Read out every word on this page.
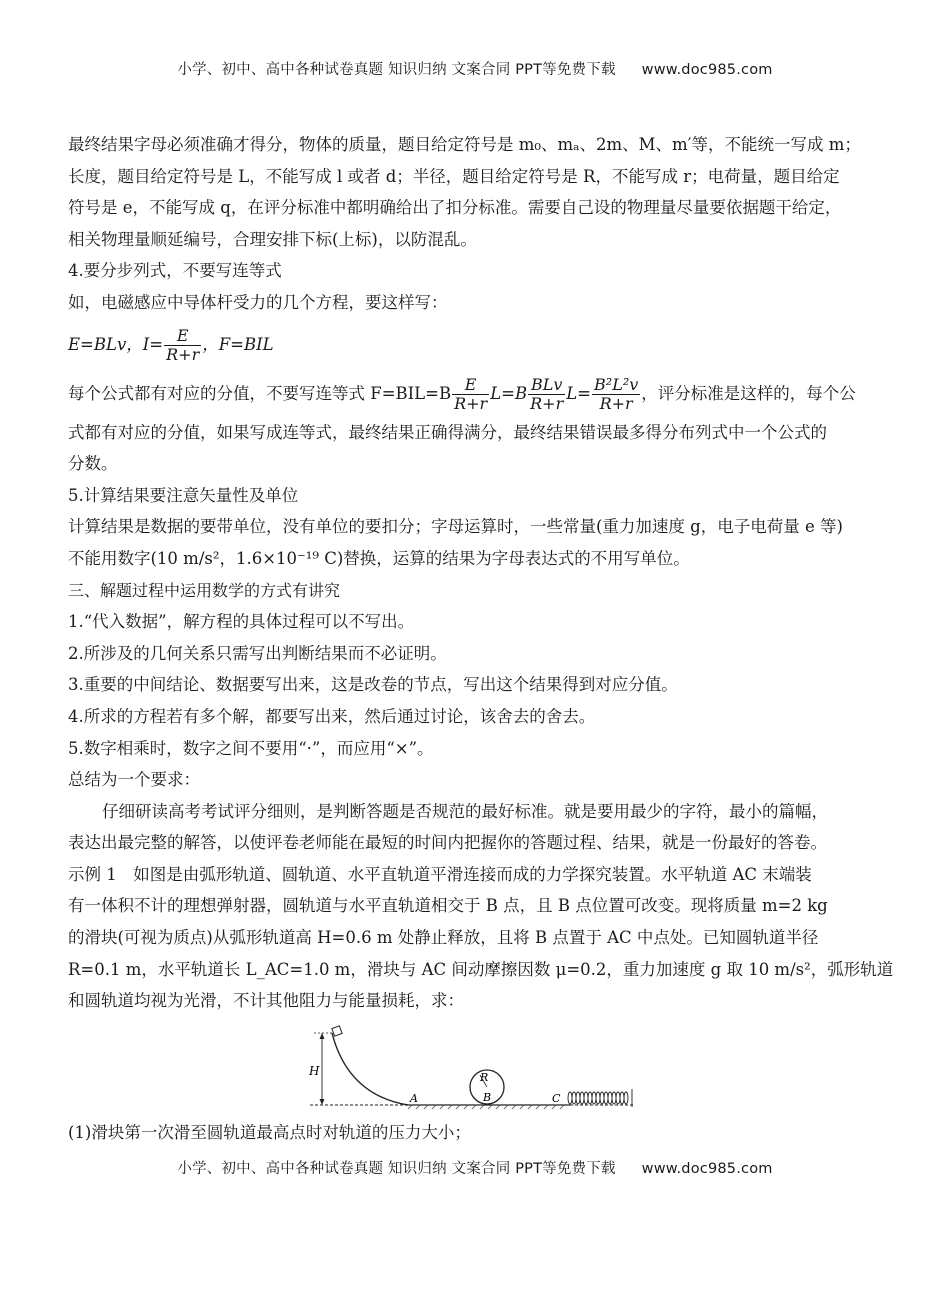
小学、初中、高中各种试卷真题 知识归纳 文案合同 PPT等免费下载 www.doc985.com
最终结果字母必须准确才得分，物体的质量，题目给定符号是 m₀、mₐ、2m、M、m′等，不能统一写成 m；
长度，题目给定符号是 L，不能写成 l 或者 d；半径，题目给定符号是 R，不能写成 r；电荷量，题目给定
符号是 e，不能写成 q，在评分标准中都明确给出了扣分标准。需要自己设的物理量尽量要依据题干给定，
相关物理量顺延编号，合理安排下标(上标)，以防混乱。
4.要分步列式，不要写连等式
如，电磁感应中导体杆受力的几个方程，要这样写：
E=BLv，$I= \frac{E}{R+r}$ ，F=BIL
每个公式都有对应的分值，不要写连等式 $F=BIL=B \frac{E}{R+r} L=B \frac{\text{BLv}}{R+r} L= \frac{\text{B²L²v}}{R+r}$ ，评分标准是这样的，每个公
式都有对应的分值，如果写成连等式，最终结果正确得满分，最终结果错误最多得分布列式中一个公式的
分数。
5.计算结果要注意矢量性及单位
计算结果是数据的要带单位，没有单位的要扣分；字母运算时，一些常量(重力加速度 g，电子电荷量 e 等)
不能用数字(10 m/s²，1.6×10⁻¹⁹ C)替换，运算的结果为字母表达式的不用写单位。
三、解题过程中运用数学的方式有讲究
1.“代入数据”，解方程的具体过程可以不写出。
2.所涉及的几何关系只需写出判断结果而不必证明。
3.重要的中间结论、数据要写出来，这是改卷的节点，写出这个结果得到对应分值。
4.所求的方程若有多个解，都要写出来，然后通过讨论，该舍去的舍去。
5.数字相乘时，数字之间不要用“·”，而应用“×”。
总结为一个要求：
仔细研读高考考试评分细则，是判断答题是否规范的最好标准。就是要用最少的字符，最小的篇幅，
表达出最完整的解答，以使评卷老师能在最短的时间内把握你的答题过程、结果，就是一份最好的答卷。
示例 1　如图是由弧形轨道、圆轨道、水平直轨道平滑连接而成的力学探究装置。水平轨道 AC 末端装
有一体积不计的理想弹射器，圆轨道与水平直轨道相交于 B 点，且 B 点位置可改变。现将质量 m=2 kg
的滑块(可视为质点)从弧形轨道高 H=0.6 m 处静止释放，且将 B 点置于 AC 中点处。已知圆轨道半径
R=0.1 m，水平轨道长 L_AC=1.0 m，滑块与 AC 间动摩擦因数 μ=0.2，重力加速度 g 取 10 m/s²，弧形轨道
和圆轨道均视为光滑，不计其他阻力与能量损耗，求：
H	R
B
A	C
(1)滑块第一次滑至圆轨道最高点时对轨道的压力大小；
小学、初中、高中各种试卷真题 知识归纳 文案合同 PPT等免费下载 www.doc985.com
